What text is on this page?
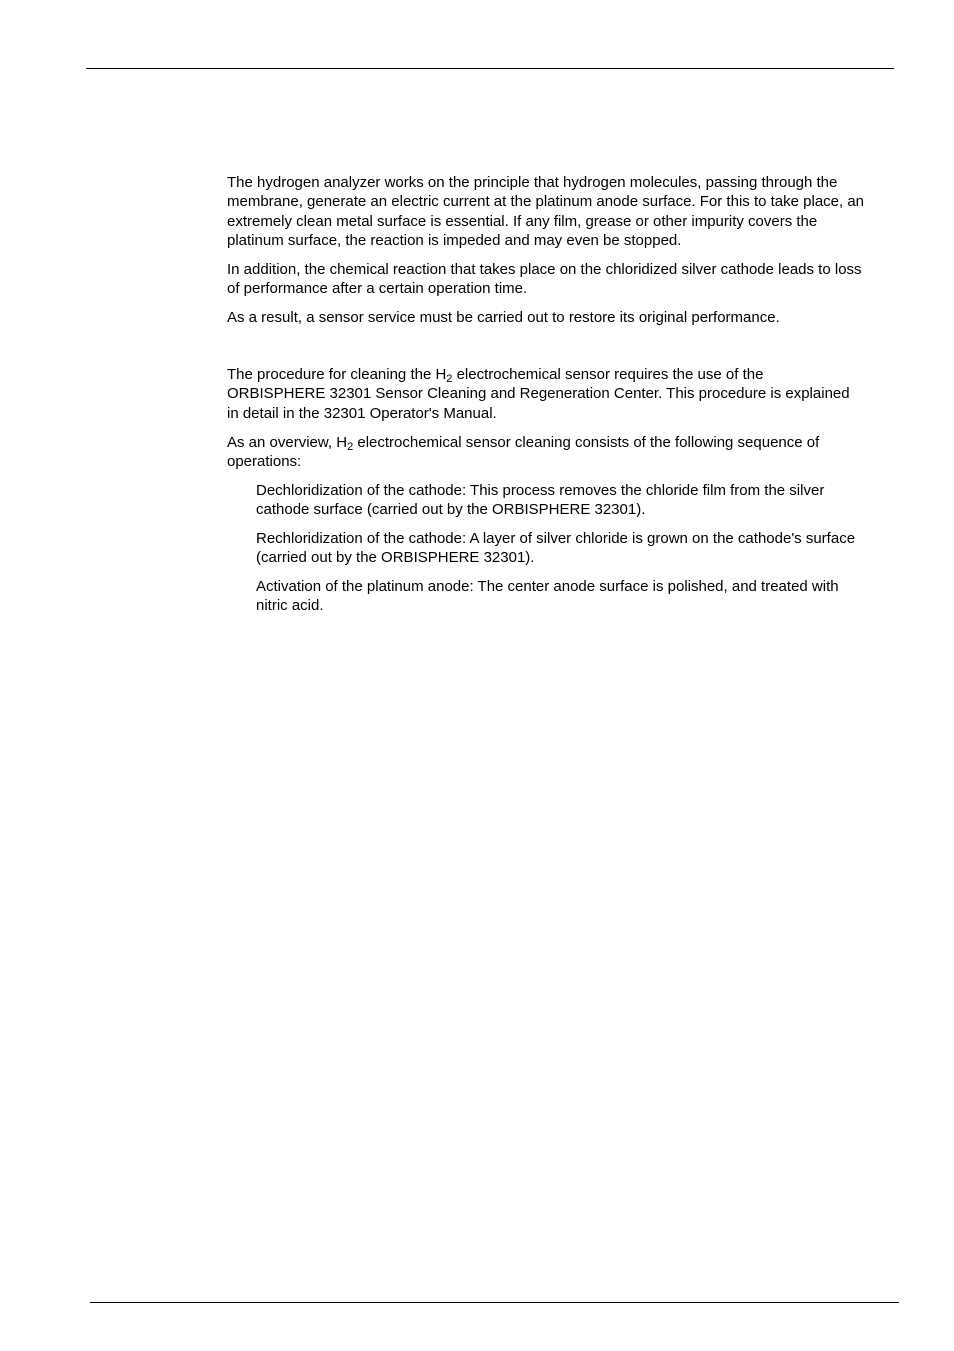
The hydrogen analyzer works on the principle that hydrogen molecules, passing through the
membrane, generate an electric current at the platinum anode surface. For this to take place, an
extremely clean metal surface is essential. If any film, grease or other impurity covers the
platinum surface, the reaction is impeded and may even be stopped.

In addition, the chemical reaction that takes place on the chloridized silver cathode leads to loss
of performance after a certain operation time.

As a result, a sensor service must be carried out to restore its original performance.

The procedure for cleaning the $H_2$ electrochemical sensor requires the use of the
ORBISPHERE 32301 Sensor Cleaning and Regeneration Center. This procedure is explained
in detail in the 32301 Operator's Manual.

As an overview, $H_2$ electrochemical sensor cleaning consists of the following sequence of
operations:

Dechloridization of the cathode: This process removes the chloride film from the silver
cathode surface (carried out by the ORBISPHERE 32301).

Rechloridization of the cathode: A layer of silver chloride is grown on the cathode's surface
(carried out by the ORBISPHERE 32301).

Activation of the platinum anode: The center anode surface is polished, and treated with
nitric acid.
